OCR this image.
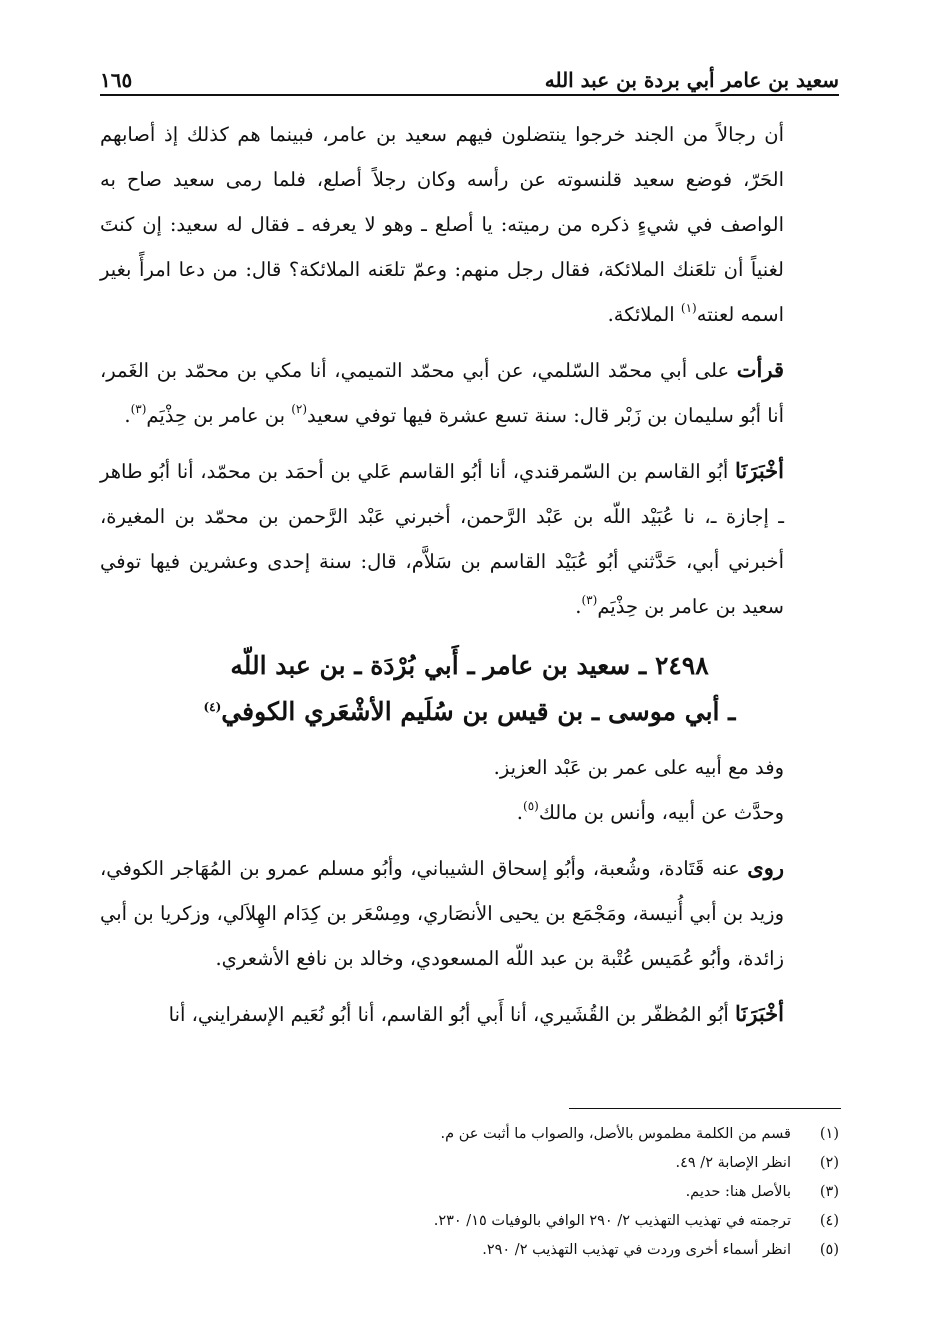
سعيد بن عامر أبي بردة بن عبد الله
١٦٥

أن رجالاً من الجند خرجوا ينتضلون فيهم سعيد بن عامر، فبينما هم كذلك إذ أصابهم الحَرّ، فوضع سعيد قلنسوته عن رأسه وكان رجلاً أصلع، فلما رمى سعيد صاح به الواصف في شيءٍ ذكره من رميته: يا أصلع ـ وهو لا يعرفه ـ فقال له سعيد: إن كنتَ لغنياً أن تلعَنك الملائكة، فقال رجل منهم: وعمّ تلعَنه الملائكة؟ قال: من دعا امرأً بغير اسمه لعنته$^{(١)}$ الملائكة.

قرأت على أبي محمّد السّلمي، عن أبي محمّد التميمي، أنا مكي بن محمّد بن الغَمر، أنا أبُو سليمان بن زَبْر قال: سنة تسع عشرة فيها توفي سعيد$^{(٢)}$ بن عامر بن حِذْيَم$^{(٣)}$.

أخْبَرَنَا أبُو القاسم بن السّمرقندي، أنا أبُو القاسم عَلي بن أحمَد بن محمّد، أنا أبُو طاهر ـ إجازة ـ، نا عُبَيْد اللّه بن عَبْد الرَّحمن، أخبرني عَبْد الرَّحمن بن محمّد بن المغيرة، أخبرني أبي، حَدَّثني أبُو عُبَيْد القاسم بن سَلاَّم، قال: سنة إحدى وعشرين فيها توفي سعيد بن عامر بن حِذْيَم$^{(٣)}$.

٢٤٩٨ ـ سعيد بن عامر ـ أَبي بُرْدَة ـ بن عبد اللّه
ـ أبي موسى ـ بن قيس بن سُلَيم الأشْعَري الكوفي$^{(٤)}$

وفد مع أبيه على عمر بن عَبْد العزيز.

وحدَّث عن أبيه، وأنس بن مالك$^{(٥)}$.

روى عنه قَتَادة، وشُعبة، وأبُو إسحاق الشيباني، وأبُو مسلم عمرو بن المُهَاجر الكوفي، وزيد بن أبي أُنيسة، ومَجْمَع بن يحيى الأنصَاري، ومِسْعَر بن كِدَام الهِلاَلي، وزكريا بن أبي زائدة، وأبُو عُمَيس عُتْبة بن عبد اللّه المسعودي، وخالد بن نافع الأشعري.

أخْبَرَنَا أبُو المُظفّر بن القُشَيري، أنا أَبي أبُو القاسم، أنا أبُو نُعَيم الإسفرايني، أنا

(١)
قسم من الكلمة مطموس بالأصل، والصواب ما أثبت عن م.
(٢)
انظر الإصابة ٢/ ٤٩.
(٣)
بالأصل هنا: حديم.
(٤)
ترجمته في تهذيب التهذيب ٢/ ٢٩٠ الوافي بالوفيات ١٥/ ٢٣٠.
(٥)
انظر أسماء أخرى وردت في تهذيب التهذيب ٢/ ٢٩٠.
